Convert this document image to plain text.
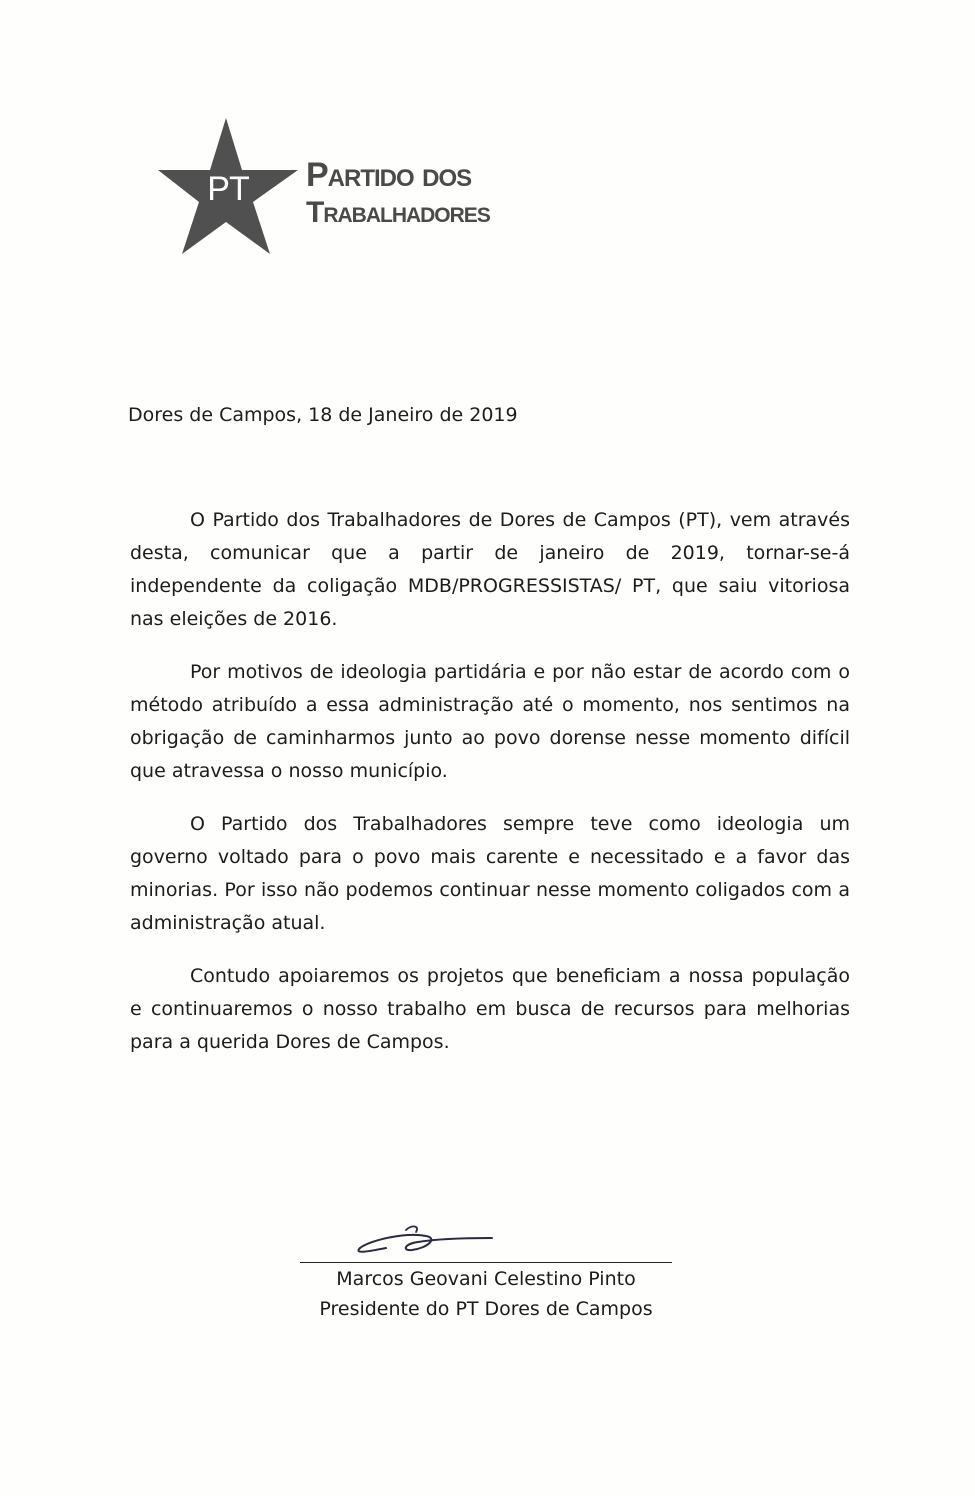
PT Partido dos
Trabalhadores
Dores de Campos, 18 de Janeiro de 2019

O Partido dos Trabalhadores de Dores de Campos (PT), vem através desta, comunicar que a partir de janeiro de 2019, tornar-se-á independente da coligação MDB/PROGRESSISTAS/ PT, que saiu vitoriosa nas eleições de 2016.

Por motivos de ideologia partidária e por não estar de acordo com o método atribuído a essa administração até o momento, nos sentimos na obrigação de caminharmos junto ao povo dorense nesse momento difícil que atravessa o nosso município.

O Partido dos Trabalhadores sempre teve como ideologia um governo voltado para o povo mais carente e necessitado e a favor das minorias. Por isso não podemos continuar nesse momento coligados com a administração atual.

Contudo apoiaremos os projetos que beneficiam a nossa população e continuaremos o nosso trabalho em busca de recursos para melhorias para a querida Dores de Campos.

Marcos Geovani Celestino Pinto
Presidente do PT Dores de Campos
